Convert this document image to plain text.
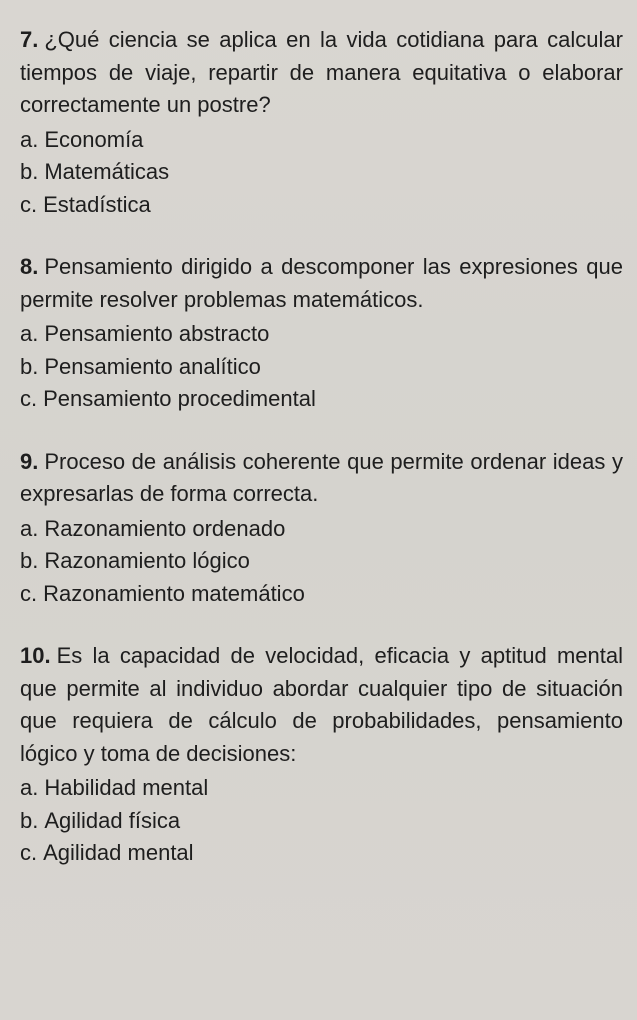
7. ¿Qué ciencia se aplica en la vida cotidiana para calcular tiempos de viaje, repartir de manera equitativa o elaborar correctamente un postre?

a. Economía
b. Matemáticas
c. Estadística

8. Pensamiento dirigido a descomponer las expresiones que permite resolver problemas matemáticos.

a. Pensamiento abstracto
b. Pensamiento analítico
c. Pensamiento procedimental

9. Proceso de análisis coherente que permite ordenar ideas y expresarlas de forma correcta.

a. Razonamiento ordenado
b. Razonamiento lógico
c. Razonamiento matemático

10. Es la capacidad de velocidad, eficacia y aptitud mental que permite al individuo abordar cualquier tipo de situación que requiera de cálculo de probabilidades, pensamiento lógico y toma de decisiones:

a. Habilidad mental
b. Agilidad física
c. Agilidad mental
